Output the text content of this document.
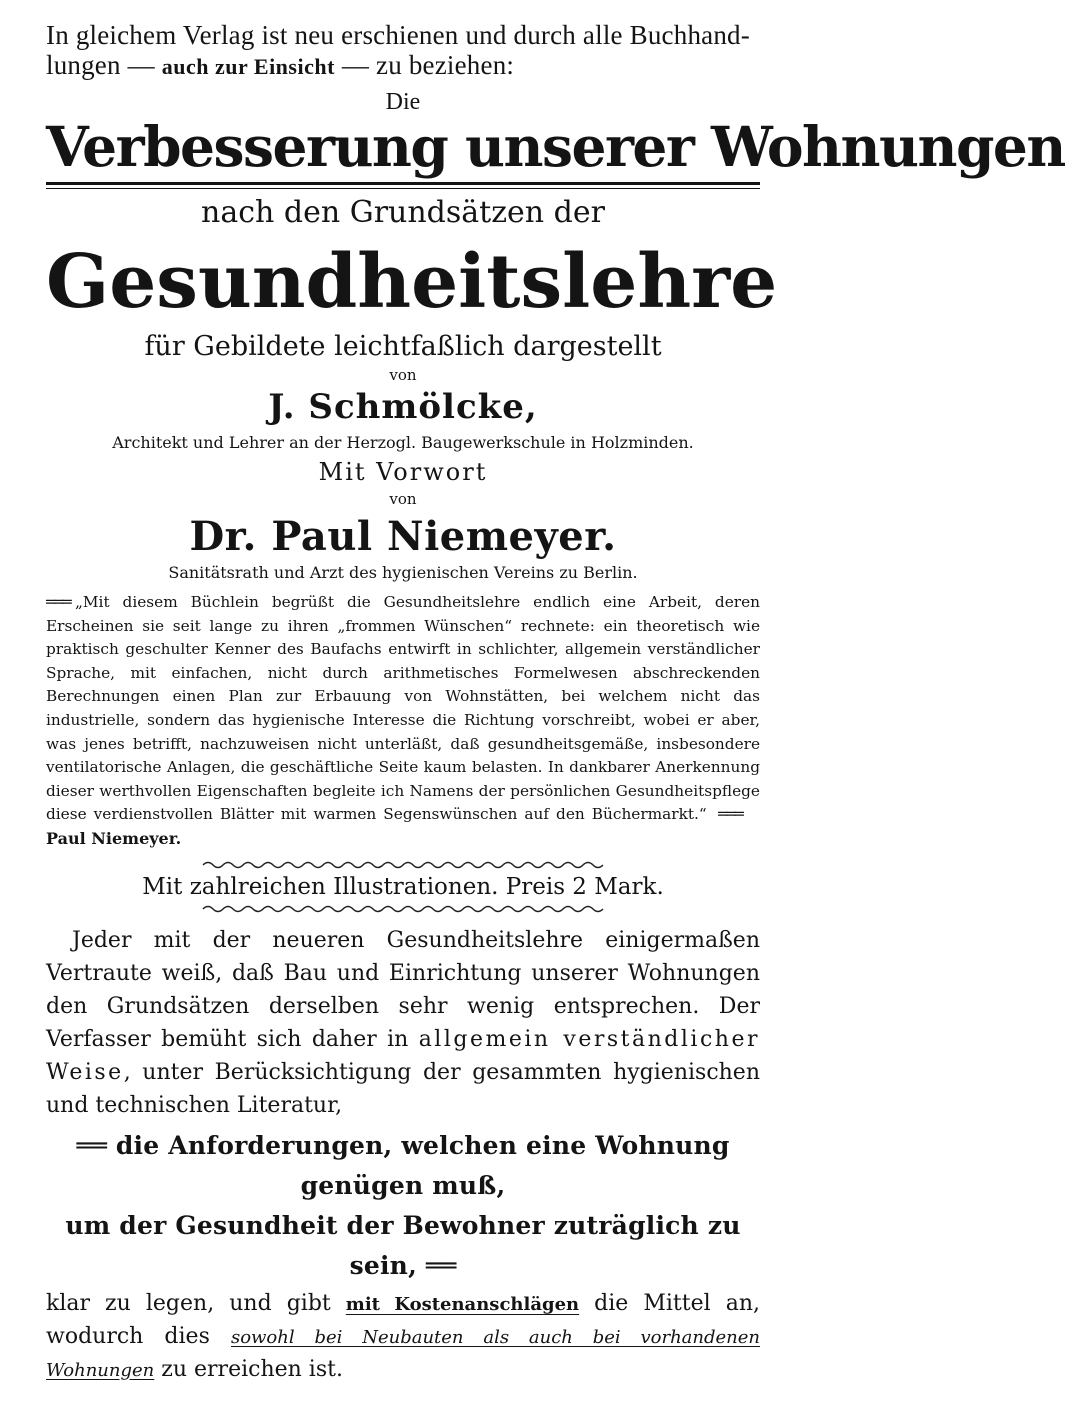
In gleichem Verlag ist neu erschienen und durch alle Buchhand-
lungen — auch zur Einsicht — zu beziehen:

Die
Verbesserung unserer Wohnungen
nach den Grundsätzen der
Gesundheitslehre
für Gebildete leichtfaßlich dargestellt
von
J. Schmölcke,
Architekt und Lehrer an der Herzogl. Baugewerkschule in Holzminden.
Mit Vorwort
von
Dr. Paul Niemeyer.
Sanitätsrath und Arzt des hygienischen Vereins zu Berlin.
═══ „Mit diesem Büchlein begrüßt die Gesundheitslehre endlich eine Arbeit, deren Erscheinen sie seit lange zu ihren „frommen Wünschen“ rechnete: ein theoretisch wie praktisch geschulter Kenner des Baufachs entwirft in schlichter, allgemein verständlicher Sprache, mit einfachen, nicht durch arithmetisches Formelwesen abschreckenden Berechnungen einen Plan zur Erbauung von Wohnstätten, bei welchem nicht das industrielle, sondern das hygienische Interesse die Richtung vorschreibt, wobei er aber, was jenes betrifft, nachzuweisen nicht unterläßt, daß gesundheitsgemäße, insbesondere ventilatorische Anlagen, die geschäftliche Seite kaum belasten. In dankbarer Anerkennung dieser werthvollen Eigenschaften begleite ich Namens der persönlichen Gesundheitspflege diese verdienstvollen Blätter mit warmen Segenswünschen auf den Büchermarkt.“  ═══    Paul Niemeyer.
Mit zahlreichen Illustrationen. Preis 2 Mark.
Jeder mit der neueren Gesundheitslehre einigermaßen Vertraute weiß, daß Bau und Einrichtung unserer Wohnungen den Grundsätzen derselben sehr wenig entsprechen. Der Verfasser bemüht sich daher in allgemein verständlicher Weise, unter Berücksichtigung der gesammten hygienischen und technischen Literatur,
══ die Anforderungen, welchen eine Wohnung genügen muß,
um der Gesundheit der Bewohner zuträglich zu sein, ══
klar zu legen, und gibt mit Kostenanschlägen die Mittel an, wodurch dies sowohl bei Neubauten als auch bei vorhandenen Wohnungen zu erreichen ist.
